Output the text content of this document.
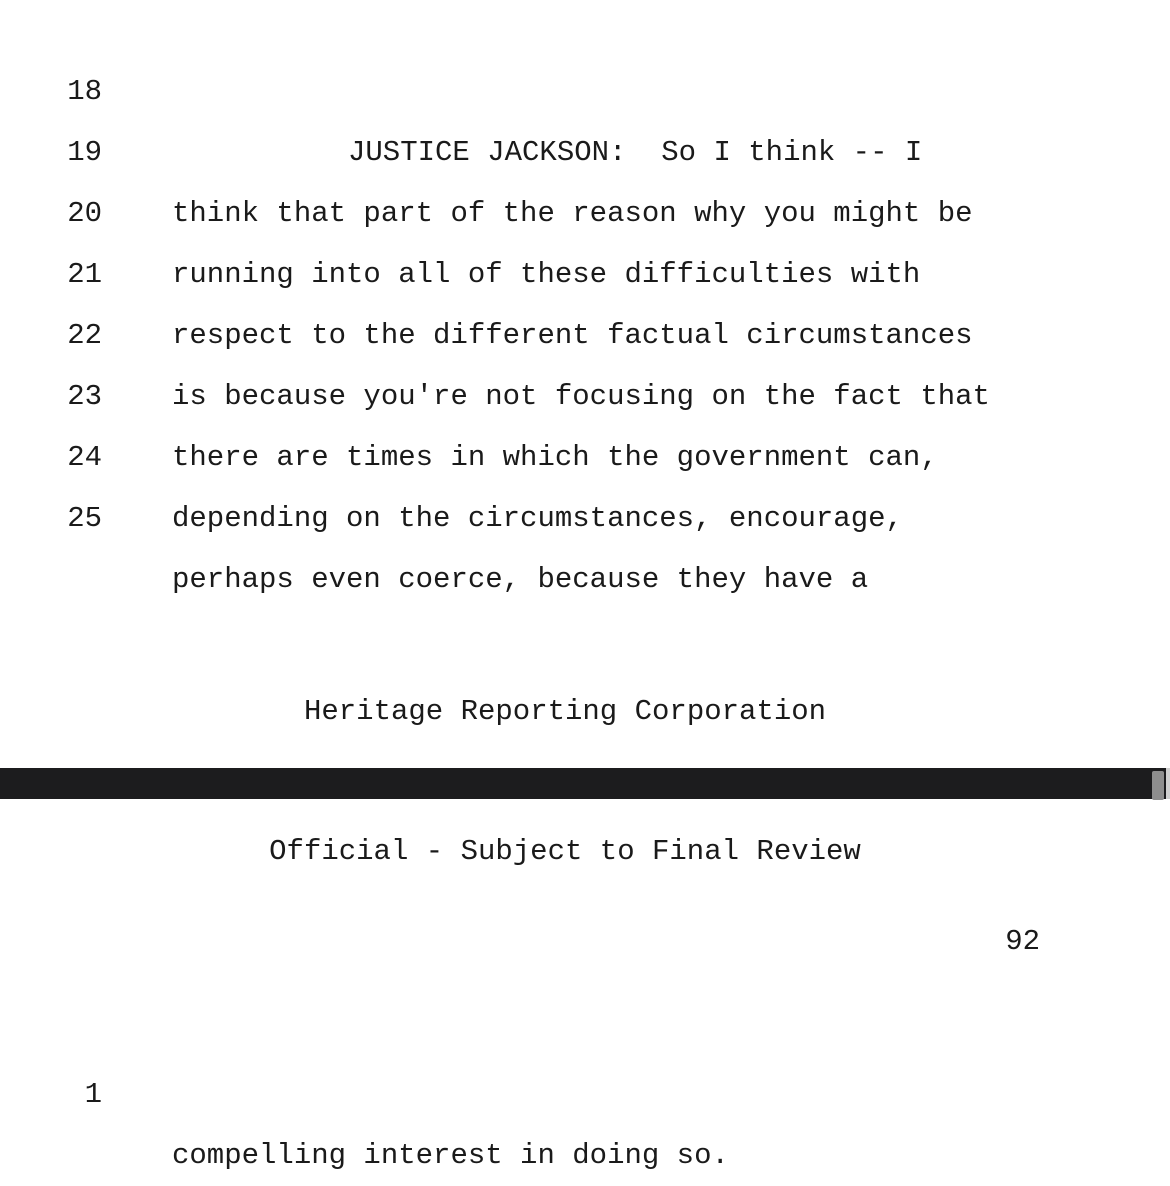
18

JUSTICE JACKSON:  So I think -- I

19

think that part of the reason why you might be

20

running into all of these difficulties with

21

respect to the different factual circumstances

22

is because you're not focusing on the fact that

23

there are times in which the government can,

24

depending on the circumstances, encourage,

25

perhaps even coerce, because they have a

Heritage Reporting Corporation
Official - Subject to Final Review
92

1

compelling interest in doing so.
